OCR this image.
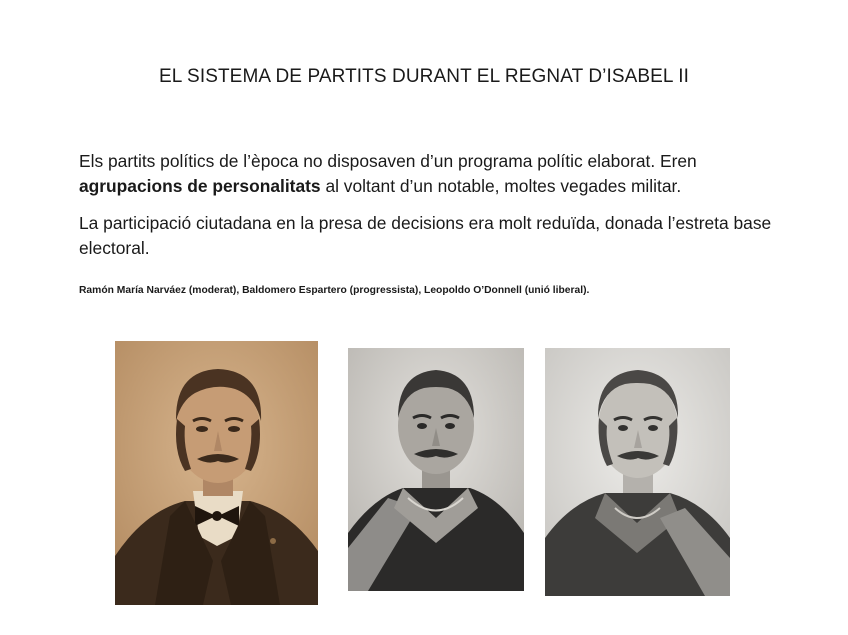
EL SISTEMA DE PARTITS DURANT EL REGNAT D’ISABEL II
Els partits polítics de l’època no disposaven d’un programa polític elaborat. Eren
agrupacions de personalitats al voltant d’un notable, moltes vegades militar.
La participació ciutadana en la presa de decisions era molt reduïda, donada l’estreta base electoral.
Ramón María Narváez (moderat), Baldomero Espartero (progressista), Leopoldo O’Donnell (unió liberal).
